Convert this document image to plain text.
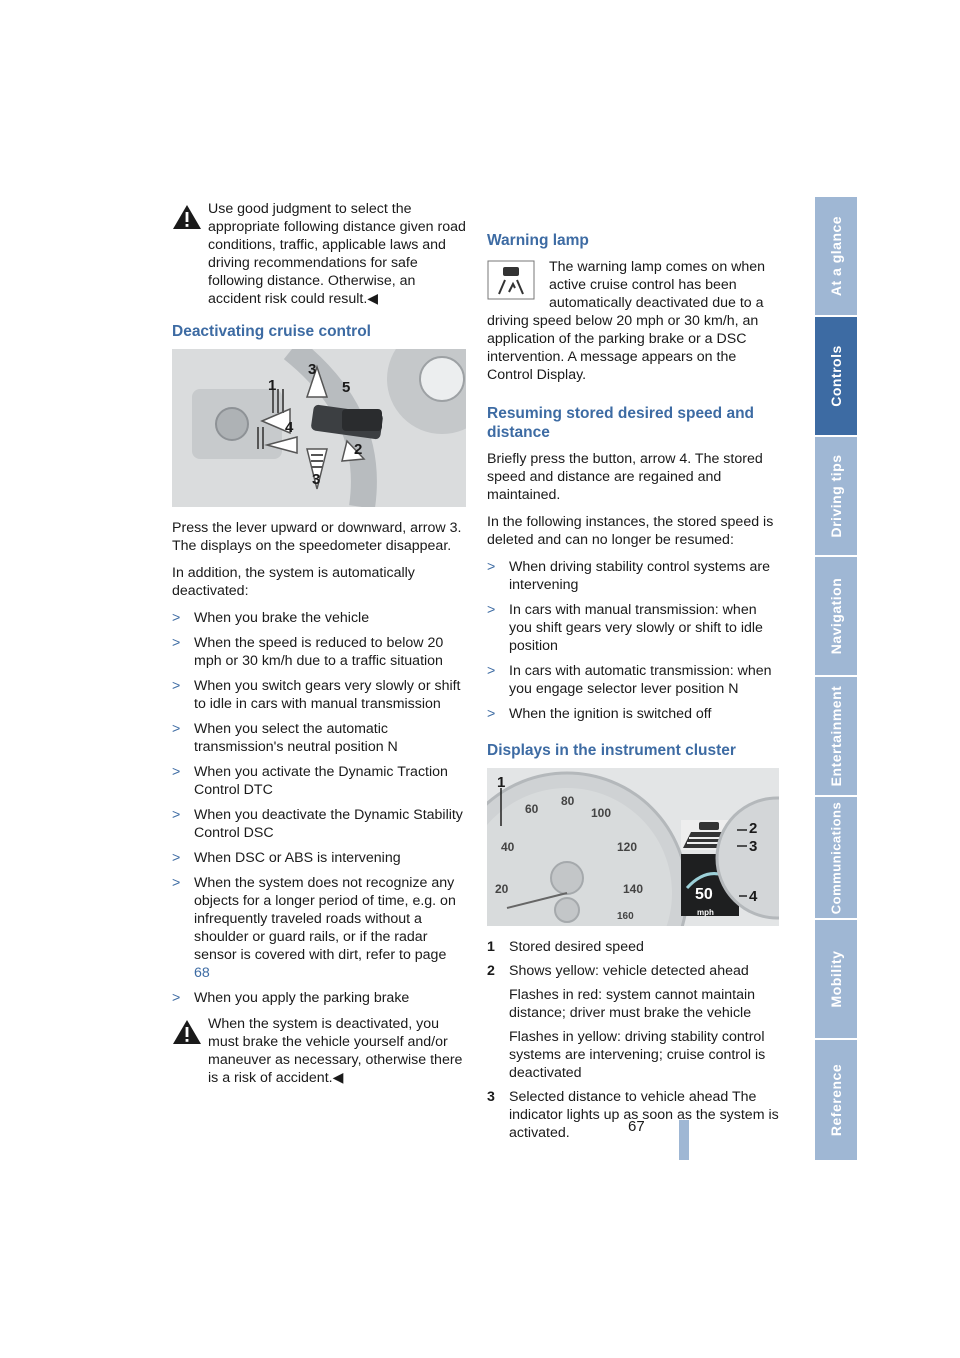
At a glance
Controls
Driving tips
Navigation
Entertainment
Communications
Mobility
Reference
67
Use good judgment to select the appropriate following distance given road conditions, traffic, applicable laws and driving recommendations for safe following distance. Otherwise, an accident risk could result.◀
Deactivating cruise control
1
3
5
4
2
3

Press the lever upward or downward, arrow 3. The displays on the speedometer disappear.

In addition, the system is automatically deactivated:

> When you brake the vehicle
> When the speed is reduced to below 20 mph or 30 km/h due to a traffic situation
> When you switch gears very slowly or shift to idle in cars with manual transmission
> When you select the automatic transmission's neutral position N
> When you activate the Dynamic Traction Control DTC
> When you deactivate the Dynamic Stability Control DSC
> When DSC or ABS is intervening
> When the system does not recognize any objects for a longer period of time, e.g. on infrequently traveled roads without a shoulder or guard rails, or if the radar sensor is covered with dirt, refer to page 68
> When you apply the parking brake
When the system is deactivated, you must brake the vehicle yourself and/or maneuver as necessary, otherwise there is a risk of accident.◀
Warning lamp

The warning lamp comes on when active cruise control has been automatically deactivated due to a driving speed below 20 mph or 30 km/h, an application of the parking brake or a DSC intervention. A message appears on the Control Display.

Resuming stored desired speed and distance

Briefly press the button, arrow 4. The stored speed and distance are regained and maintained.

In the following instances, the stored speed is deleted and can no longer be resumed:

> When driving stability control systems are intervening
> In cars with manual transmission: when you shift gears very slowly or shift to idle position
> In cars with automatic transmission: when you engage selector lever position N
> When the ignition is switched off
Displays in the instrument cluster
60
80
100
40	120
20	140
160
50
mph
1
2
3
4
1 Stored desired speed
2 Shows yellow: vehicle detected ahead
Flashes in red: system cannot maintain distance; driver must brake the vehicle
Flashes in yellow: driving stability control systems are intervening; cruise control is deactivated
3 Selected distance to vehicle ahead The indicator lights up as soon as the system is activated.
